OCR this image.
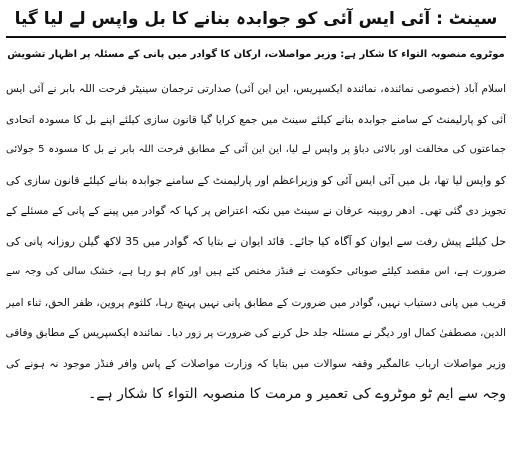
سینٹ : آئی ایس آئی کو جوابدہ بنانے کا بل واپس لے لیا گیا
موٹروے منصوبہ التواء کا شکار ہے: وزیر مواصلات، ارکان کا گوادر میں پانی کے مسئلہ پر اظہار تشویش
اسلام آباد (خصوصی نمائندہ، نمائندہ ایکسپریس، این این آئی) صدارتی ترجمان سینیٹر فرحت اللہ بابر نے آئی ایس
آئی کو پارلیمنٹ کے سامنے جوابدہ بنانے کیلئے سینٹ میں جمع کرایا گیا قانون سازی کیلئے اپنے بل کا مسودہ اتحادی
جماعتوں کی مخالفت اور بالائی دباؤ پر واپس لے لیا، این این آئی کے مطابق فرحت اللہ بابر نے بل کا مسودہ 5 جولائی
کو واپس لیا تھا، بل میں آئی ایس آئی کو وزیراعظم اور پارلیمنٹ کے سامنے جوابدہ بنانے کیلئے قانون سازی کی
تجویز دی گئی تھی۔ ادھر روبینہ عرفان نے سینٹ میں نکتہ اعتراض پر کہا کہ گوادر میں پینے کے پانی کے مسئلے کے
حل کیلئے پیش رفت سے ایوان کو آگاہ کیا جائے۔ قائد ایوان نے بتایا کہ گوادر میں 35 لاکھ گیلن روزانہ پانی کی
ضرورت ہے، اس مقصد کیلئے صوبائی حکومت نے فنڈز مختص کئے ہیں اور کام ہو رہا ہے، خشک سالی کی وجہ سے
قریب میں پانی دستیاب نہیں، گوادر میں ضرورت کے مطابق پانی نہیں پہنچ رہا، کلثوم پروین، ظفر الحق، ثناء امیر
الدین، مصطفیٰ کمال اور دیگر نے مسئلہ جلد حل کرنے کی ضرورت پر زور دیا۔ نمائندہ ایکسپریس کے مطابق وفاقی
وزیر مواصلات ارباب عالمگیر وقفہ سوالات میں بتایا کہ وزارت مواصلات کے پاس وافر فنڈز موجود نہ ہونے کی
وجہ سے ایم ٹو موٹروے کی تعمیر و مرمت کا منصوبہ التواء کا شکار ہے۔
